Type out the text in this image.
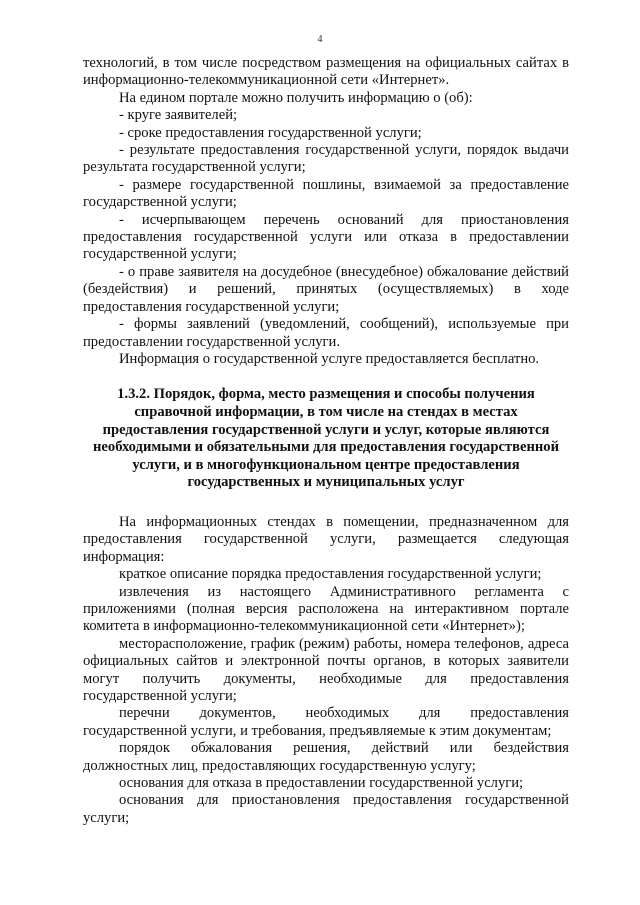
4

технологий, в том числе посредством размещения на официальных сайтах в информационно-телекоммуникационной сети «Интернет».

На едином портале можно получить информацию о (об):

- круге заявителей;

- сроке предоставления государственной услуги;

- результате предоставления государственной услуги, порядок выдачи результата государственной услуги;

- размере государственной пошлины, взимаемой за предоставление государственной услуги;

- исчерпывающем перечень оснований для приостановления предоставления государственной услуги или отказа в предоставлении государственной услуги;

- о праве заявителя на досудебное (внесудебное) обжалование действий (бездействия) и решений, принятых (осуществляемых) в ходе предоставления государственной услуги;

- формы заявлений (уведомлений, сообщений), используемые при предоставлении государственной услуги.

Информация о государственной услуге предоставляется бесплатно.

1.3.2. Порядок, форма, место размещения и способы получения справочной информации, в том числе на стендах в местах предоставления государственной услуги и услуг, которые являются необходимыми и обязательными для предоставления государственной услуги, и в многофункциональном центре предоставления государственных и муниципальных услуг

На информационных стендах в помещении, предназначенном для предоставления государственной услуги, размещается следующая информация:

краткое описание порядка предоставления государственной услуги;

извлечения из настоящего Административного регламента с приложениями (полная версия расположена на интерактивном портале комитета в информационно-телекоммуникационной сети «Интернет»);

месторасположение, график (режим) работы, номера телефонов, адреса официальных сайтов и электронной почты органов, в которых заявители могут получить документы, необходимые для предоставления государственной услуги;

перечни документов, необходимых для предоставления государственной услуги, и требования, предъявляемые к этим документам;

порядок обжалования решения, действий или бездействия должностных лиц, предоставляющих государственную услугу;

основания для отказа в предоставлении государственной услуги;

основания для приостановления предоставления государственной услуги;
